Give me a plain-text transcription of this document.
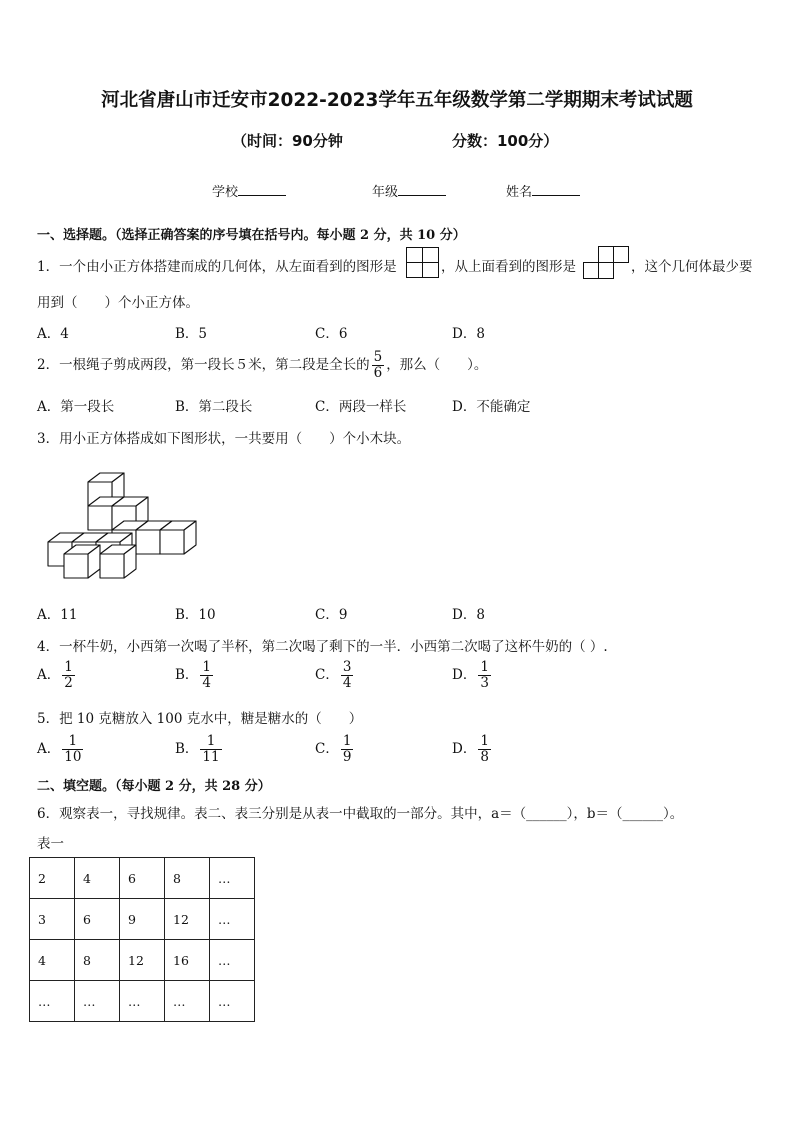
河北省唐山市迁安市2022-2023学年五年级数学第二学期期末考试试题
（时间：90分钟	分数：100分）
学校	年级	姓名
一、选择题。（选择正确答案的序号填在括号内。每小题 2 分，共 10 分）
1．一个由小正方体搭建而成的几何体，从左面看到的图形是	，从上面看到的图形是	，这个几何体最少要
用到（　　）个小正方体。
A．4	B．5	C．6	D．8
2．一根绳子剪成两段，第一段长５米，第二段是全长的 $\frac{5}{6}$ ，那么（　　）。
A．第一段长	B．第二段长	C．两段一样长	D．不能确定
3．用小正方体搭成如下图形状，一共要用（　　）个小木块。
A．11	B．10	C．9	D．8
4．一杯牛奶，小西第一次喝了半杯，第二次喝了剩下的一半．小西第二次喝了这杯牛奶的（ ）.
A． $\frac{1}{2}$	B． $\frac{1}{4}$	C． $\frac{3}{4}$	D． $\frac{1}{3}$
5．把 10 克糖放入 100 克水中，糖是糖水的（　　）
A． $\frac{1}{10}$	B． $\frac{1}{11}$	C． $\frac{1}{9}$	D． $\frac{1}{8}$
二、填空题。（每小题 2 分，共 28 分）
6．观察表一，寻找规律。表二、表三分别是从表一中截取的一部分。其中，a＝（______），b＝（______）。
表一
2	4	6	8	…
3	6	9	12	…
4	8	12	16	…
…	…	…	…	…
